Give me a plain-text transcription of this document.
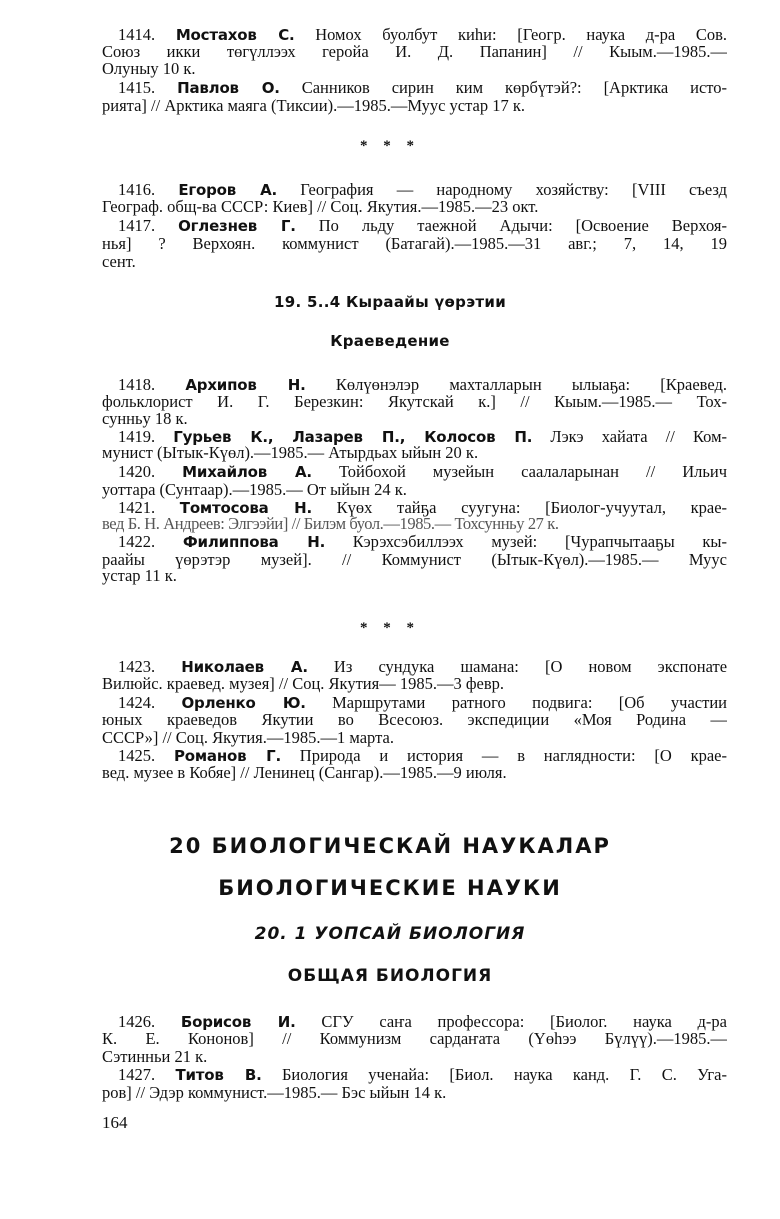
1414. Мостахов С. Номох буолбут киһи: [Геогр. наука д-ра Сов.
Союз икки төгүллээх геройа И. Д. Папанин] // Кыым.—1985.—
Олуныу 10 к.
1415. Павлов О. Санников сирин ким көрбүтэй?: [Арктика исто-
рията] // Арктика маяга (Тиксии).—1985.—Муус устар 17 к.
* * *
1416. Егоров А. География — народному хозяйству: [VIII съезд
Географ. общ-ва СССР: Киев] // Соц. Якутия.—1985.—23 окт.
1417. Оглезнев Г. По льду таежной Адычи: [Освоение Верхоя-
нья] ? Верхоян. коммунист (Батагай).—1985.—31 авг.; 7, 14, 19
сент.
19. 5..4 Кыраайы үөрэтии
Краеведение
1418. Архипов Н. Көлүөнэлэр махталларын ылыаҕа: [Краевед.
фольклорист И. Г. Березкин: Якутскай к.] // Кыым.—1985.— Тох-
сунньу 18 к.
1419. Гурьев К., Лазарев П., Колосов П. Лэкэ хайата // Ком-
мунист (Ытык-Күөл).—1985.— Атырдьах ыйын 20 к.
1420. Михайлов А. Тойбохой музейын саалаларынан // Ильич
уоттара (Сунтаар).—1985.— От ыйын 24 к.
1421. Томтосова Н. Күөх тайҕа суугуна: [Биолог-учуутал, крае-
вед Б. Н. Андреев: Элгээйи] // Билэм буол.—1985.— Тохсунньу 27 к.
1422. Филиппова Н. Кэрэхсэбиллээх музей: [Чурапчытааҕы кы-
раайы үөрэтэр музей]. // Коммунист (Ытык-Күөл).—1985.— Муус
устар 11 к.
* * *
1423. Николаев А. Из сундука шамана: [О новом экспонате
Вилюйс. краевед. музея] // Соц. Якутия— 1985.—3 февр.
1424. Орленко Ю. Маршрутами ратного подвига: [Об участии
юных краеведов Якутии во Всесоюз. экспедиции «Моя Родина —
СССР»] // Соц. Якутия.—1985.—1 марта.
1425. Романов Г. Природа и история — в наглядности: [О крае-
вед. музее в Кобяе] // Ленинец (Сангар).—1985.—9 июля.
20 БИОЛОГИЧЕСКАЙ НАУКАЛАР
БИОЛОГИЧЕСКИЕ НАУКИ
20. 1 УОПСАЙ БИОЛОГИЯ
ОБЩАЯ БИОЛОГИЯ
1426. Борисов И. СГУ саҥа профессора: [Биолог. наука д-ра
К. Е. Кононов] // Коммунизм сардаҥата (Үөһээ Бүлүү).—1985.—
Сэтинньи 21 к.
1427. Титов В. Биология ученайа: [Биол. наука канд. Г. С. Уга-
ров] // Эдэр коммунист.—1985.— Бэс ыйын 14 к.
164
